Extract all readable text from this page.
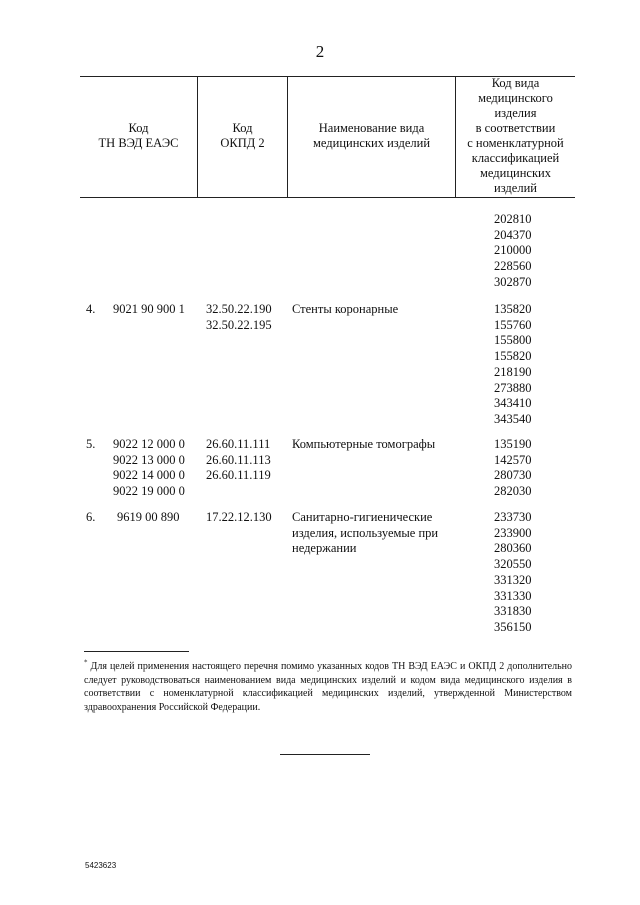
2
Код
ТН ВЭД ЕАЭС
Код
ОКПД 2
Наименование вида
медицинских изделий
Код вида
медицинского
изделия
в соответствии
с номенклатурной
классификацией
медицинских
изделий
202810
204370
210000
228560
302870
4. 9021 90 900 1 32.50.22.190
32.50.22.195
Стенты коронарные	135820
155760
155800
155820
218190
273880
343410
343540
5. 9022 12 000 0
9022 13 000 0
9022 14 000 0
9022 19 000 0
26.60.11.111
26.60.11.113
26.60.11.119
Компьютерные томографы	135190
142570
280730
282030
6. 9619 00 890 17.22.12.130 Санитарно-гигиенические изделия, используемые при недержании
233730
233900
280360
320550
331320
331330
331830
356150
* Для целей применения настоящего перечня помимо указанных кодов ТН ВЭД ЕАЭС и ОКПД 2 дополнительно следует руководствоваться наименованием вида медицинских изделий и кодом вида медицинского изделия в соответствии с номенклатурной классификацией медицинских изделий, утвержденной Министерством здравоохранения Российской Федерации.
5423623
